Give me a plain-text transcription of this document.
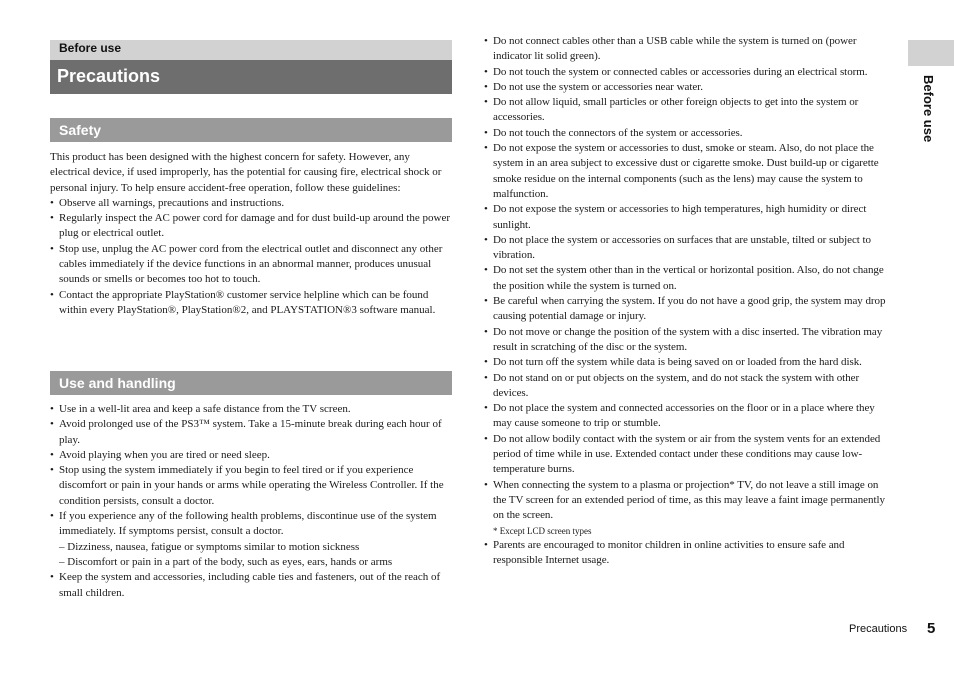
Before use
Precautions
Safety
This product has been designed with the highest concern for safety. However, any electrical device, if used improperly, has the potential for causing fire, electrical shock or personal injury. To help ensure accident-free operation, follow these guidelines:
• Observe all warnings, precautions and instructions.
• Regularly inspect the AC power cord for damage and for dust build-up around the power plug or electrical outlet.
• Stop use, unplug the AC power cord from the electrical outlet and disconnect any other cables immediately if the device functions in an abnormal manner, produces unusual sounds or smells or becomes too hot to touch.
• Contact the appropriate PlayStation® customer service helpline which can be found within every PlayStation®, PlayStation®2, and PLAYSTATION®3 software manual.
Use and handling
• Use in a well-lit area and keep a safe distance from the TV screen.
• Avoid prolonged use of the PS3™ system. Take a 15-minute break during each hour of play.
• Avoid playing when you are tired or need sleep.
• Stop using the system immediately if you begin to feel tired or if you experience discomfort or pain in your hands or arms while operating the Wireless Controller. If the condition persists, consult a doctor.
• If you experience any of the following health problems, discontinue use of the system immediately. If symptoms persist, consult a doctor.
– Dizziness, nausea, fatigue or symptoms similar to motion sickness
– Discomfort or pain in a part of the body, such as eyes, ears, hands or arms
• Keep the system and accessories, including cable ties and fasteners, out of the reach of small children.
• Do not connect cables other than a USB cable while the system is turned on (power indicator lit solid green).
• Do not touch the system or connected cables or accessories during an electrical storm.
• Do not use the system or accessories near water.
• Do not allow liquid, small particles or other foreign objects to get into the system or accessories.
• Do not touch the connectors of the system or accessories.
• Do not expose the system or accessories to dust, smoke or steam. Also, do not place the system in an area subject to excessive dust or cigarette smoke. Dust build-up or cigarette smoke residue on the internal components (such as the lens) may cause the system to malfunction.
• Do not expose the system or accessories to high temperatures, high humidity or direct sunlight.
• Do not place the system or accessories on surfaces that are unstable, tilted or subject to vibration.
• Do not set the system other than in the vertical or horizontal position. Also, do not change the position while the system is turned on.
• Be careful when carrying the system. If you do not have a good grip, the system may drop causing potential damage or injury.
• Do not move or change the position of the system with a disc inserted. The vibration may result in scratching of the disc or the system.
• Do not turn off the system while data is being saved on or loaded from the hard disk.
• Do not stand on or put objects on the system, and do not stack the system with other devices.
• Do not place the system and connected accessories on the floor or in a place where they may cause someone to trip or stumble.
• Do not allow bodily contact with the system or air from the system vents for an extended period of time while in use. Extended contact under these conditions may cause low-temperature burns.
• When connecting the system to a plasma or projection* TV, do not leave a still image on the TV screen for an extended period of time, as this may leave a faint image permanently on the screen.
* Except LCD screen types
• Parents are encouraged to monitor children in online activities to ensure safe and responsible Internet usage.
Before use
Precautions 5
